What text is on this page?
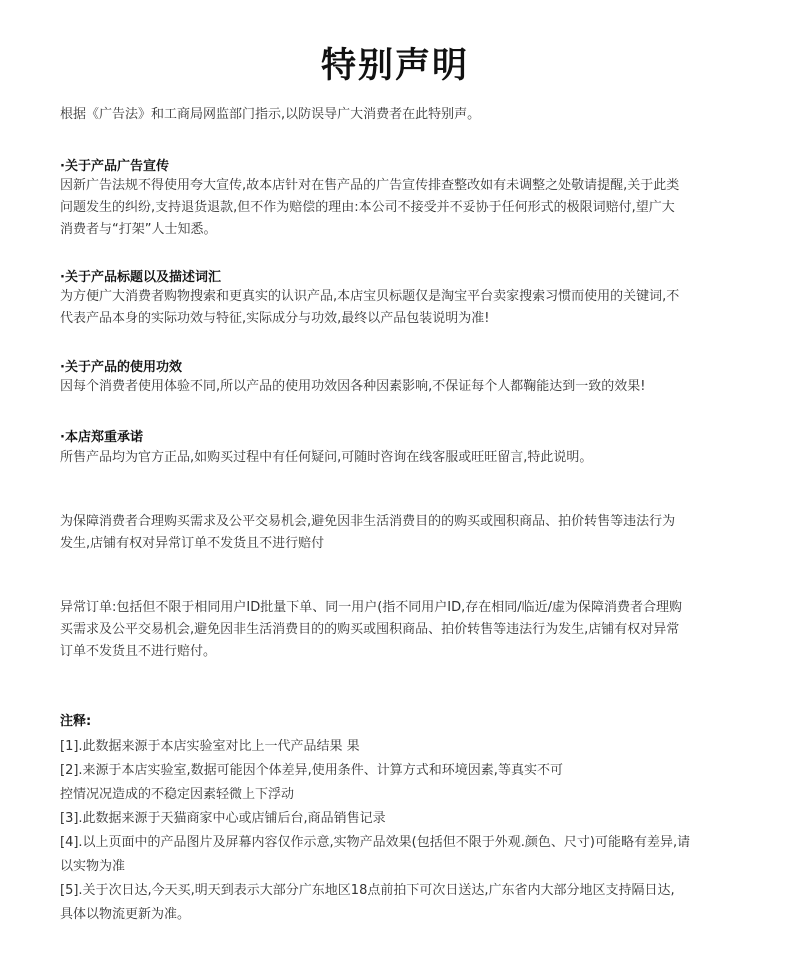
特别声明
根据《广告法》和工商局网监部门指示,以防误导广大消费者在此特别声。
·关于产品广告宣传
因新广告法规不得使用夸大宣传,故本店针对在售产品的广告宣传排查整改如有未调整之处敬请提醒,关于此类
问题发生的纠纷,支持退货退款,但不作为赔偿的理由:本公司不接受并不妥协于任何形式的极限词赔付,望广大
消费者与“打架”人士知悉。
·关于产品标题以及描述词汇
为方便广大消费者购物搜索和更真实的认识产品,本店宝贝标题仅是淘宝平台卖家搜索习惯而使用的关键词,不
代表产品本身的实际功效与特征,实际成分与功效,最终以产品包装说明为准!
·关于产品的使用功效
因每个消费者使用体验不同,所以产品的使用功效因各种因素影响,不保证每个人都鞠能达到一致的效果!
·本店郑重承诺
所售产品均为官方正品,如购买过程中有任何疑问,可随时咨询在线客服或旺旺留言,特此说明。
为保障消费者合理购买需求及公平交易机会,避免因非生活消费目的的购买或囤积商品、拍价转售等违法行为
发生,店铺有权对异常订单不发货且不进行赔付
异常订单:包括但不限于相同用户ID批量下单、同一用户(指不同用户ID,存在相同/临近/虚为保障消费者合理购
买需求及公平交易机会,避免因非生活消费目的的购买或囤积商品、拍价转售等违法行为发生,店铺有权对异常
订单不发货且不进行赔付。
注释:
[1].此数据来源于本店实验室对比上一代产品结果 果
[2].来源于本店实验室,数据可能因个体差异,使用条件、计算方式和环境因素,等真实不可
控情况况造成的不稳定因素轻微上下浮动
[3].此数据来源于天猫商家中心或店铺后台,商品销售记录
[4].以上页面中的产品图片及屏幕内容仅作示意,实物产品效果(包括但不限于外观.颜色、尺寸)可能略有差异,请
以实物为准
[5].关于次日达,今天买,明天到表示大部分广东地区18点前拍下可次日送达,广东省内大部分地区支持隔日达,
具体以物流更新为准。
